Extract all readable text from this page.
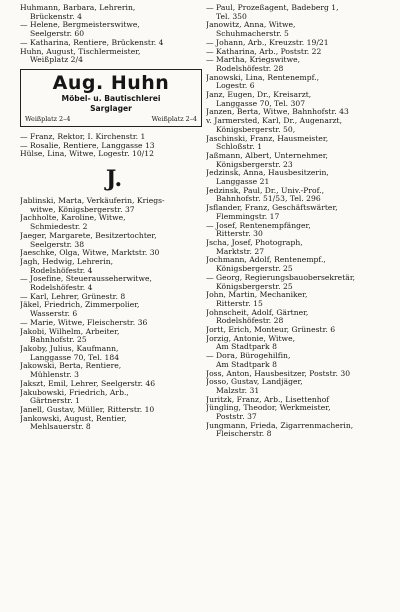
Huhmann, Barbara, Lehrerin,
Brückenstr. 4
— Helene, Bergmeisterswitwe,
Seelgerstr. 60
— Katharina, Rentiere, Brückenstr. 4
Huhn, August, Tischlermeister,
Weißplatz 2/4
Aug. Huhn
Möbel- u. Bautischlerei
Sarglager
Weißplatz 2–4	Weißplatz 2–4
— Franz, Rektor, I. Kirchenstr. 1
— Rosalie, Rentiere, Langgasse 13
Hülse, Lina, Witwe, Logestr. 10/12
J.
Jablinski, Marta, Verkäuferin, Kriegs-
witwe, Königsbergerstr. 37
Jachholte, Karoline, Witwe,
Schmiedestr. 2
Jaeger, Margarete, Besitzertochter,
Seelgerstr. 38
Jaeschke, Olga, Witwe, Marktstr. 30
Jagh, Hedwig, Lehrerin,
Rodelshöfestr. 4
— Josefine, Steuerausseherwitwe,
Rodelshöfestr. 4
— Karl, Lehrer, Grünestr. 8
Jäkel, Friedrich, Zimmerpolier,
Wasserstr. 6
— Marie, Witwe, Fleischerstr. 36
Jakobi, Wilhelm, Arbeiter,
Bahnhofstr. 25
Jakoby, Julius, Kaufmann,
Langgasse 70, Tel. 184
Jakowski, Berta, Rentiere,
Mühlenstr. 3
Jakszt, Emil, Lehrer, Seelgerstr. 46
Jakubowski, Friedrich, Arb.,
Gärtnerstr. 1
Janell, Gustav, Müller, Ritterstr. 10
Jankowski, August, Rentier,
Mehlsauerstr. 8
— Paul, Prozeßagent, Badeberg 1,
Tel. 350
Janowitz, Anna, Witwe,
Schuhmacherstr. 5
— Johann, Arb., Kreuzstr. 19/21
— Katharina, Arb., Poststr. 22
— Martha, Kriegswitwe,
Rodelshöfestr. 28
Janowski, Lina, Rentenempf.,
Logestr. 6
Janz, Eugen, Dr., Kreisarzt,
Langgasse 70, Tel. 307
Janzen, Berta, Witwe, Bahnhofstr. 43
v. Jarmersted, Karl, Dr., Augenarzt,
Königsbergerstr. 50,
Jaschinski, Franz, Hausmeister,
Schloßstr. 1
Jaßmann, Albert, Unternehmer,
Königsbergerstr. 23
Jedzinsk, Anna, Hausbesitzerin,
Langgasse 21
Jedzinsk, Paul, Dr., Univ.-Prof.,
Bahnhofstr. 51/53, Tel. 296
Jsflander, Franz, Geschäftswärter,
Flemmingstr. 17
— Josef, Rentenempfänger,
Ritterstr. 30
Jscha, Josef, Photograph,
Marktstr. 27
Jochmann, Adolf, Rentenempf.,
Königsbergerstr. 25
— Georg, Regierungsbauobersekretär,
Königsbergerstr. 25
John, Martin, Mechaniker,
Ritterstr. 15
Johnscheit, Adolf, Gärtner,
Rodelshöfestr. 28
Jortt, Erich, Monteur, Grünestr. 6
Jorzig, Antonie, Witwe,
Am Stadtpark 8
— Dora, Bürogehilfin,
Am Stadtpark 8
Joss, Anton, Hausbesitzer, Poststr. 30
Josso, Gustav, Landjäger,
Malzstr. 31
Juritzk, Franz, Arb., Lisettenhof
Jüngling, Theodor, Werkmeister,
Poststr. 37
Jungmann, Frieda, Zigarrenmacherin,
Fleischerstr. 8
